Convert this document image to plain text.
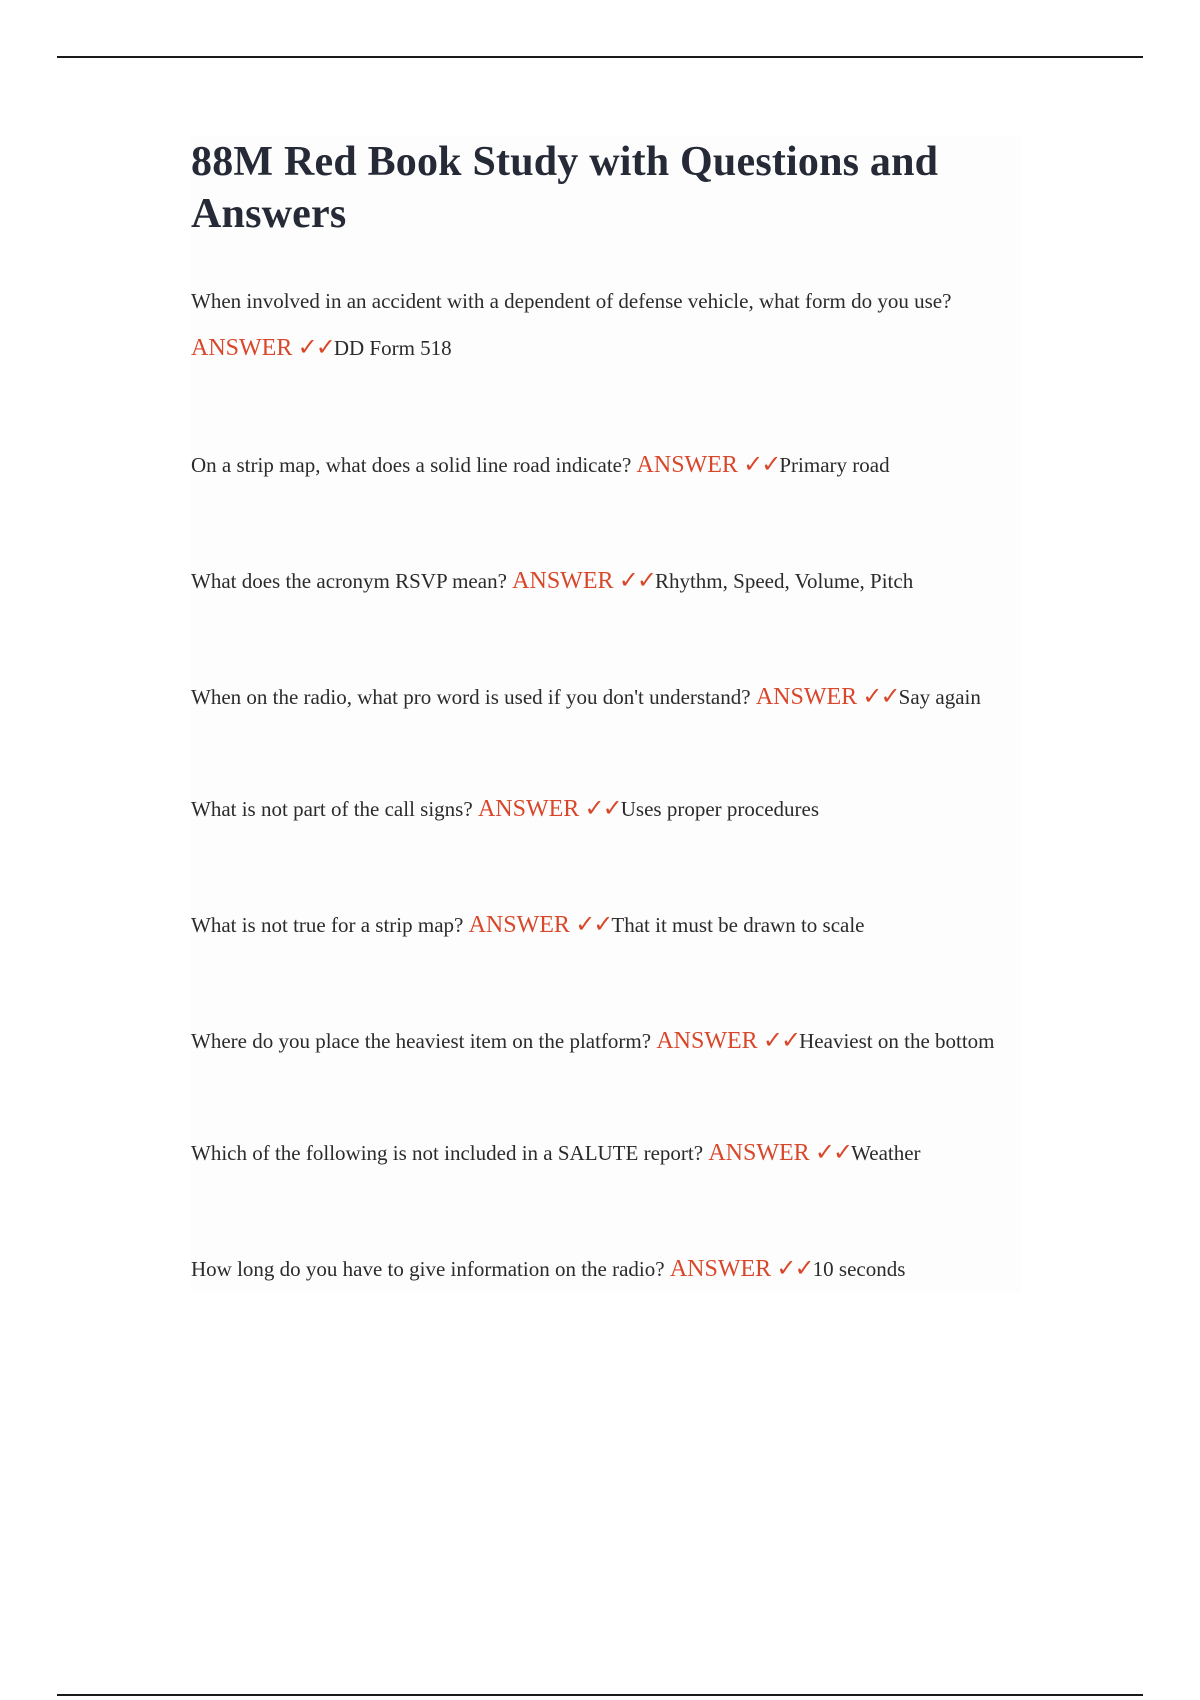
88M Red Book Study with Questions and Answers
When involved in an accident with a dependent of defense vehicle, what form do you use?
ANSWER ✓✓DD Form 518
On a strip map, what does a solid line road indicate? ANSWER ✓✓Primary road
What does the acronym RSVP mean? ANSWER ✓✓Rhythm, Speed, Volume, Pitch
When on the radio, what pro word is used if you don't understand? ANSWER ✓✓Say again
What is not part of the call signs? ANSWER ✓✓Uses proper procedures
What is not true for a strip map? ANSWER ✓✓That it must be drawn to scale
Where do you place the heaviest item on the platform? ANSWER ✓✓Heaviest on the bottom
Which of the following is not included in a SALUTE report? ANSWER ✓✓Weather
How long do you have to give information on the radio? ANSWER ✓✓10 seconds
